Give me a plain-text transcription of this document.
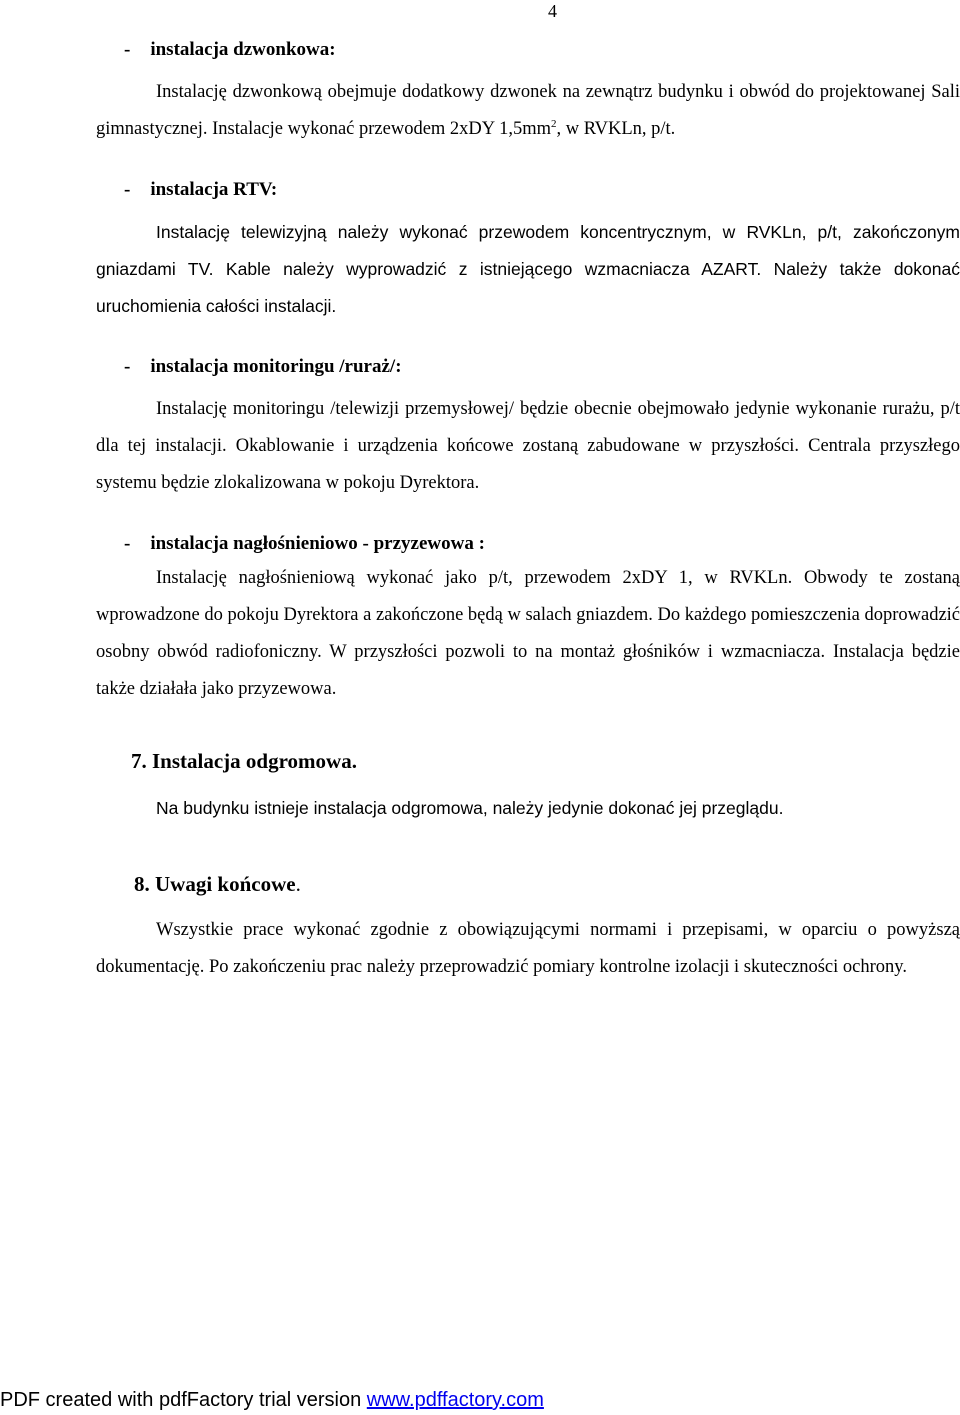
4
- instalacja dzwonkowa:
Instalację dzwonkową obejmuje dodatkowy dzwonek na zewnątrz budynku i obwód do projektowanej Sali gimnastycznej. Instalacje wykonać przewodem 2xDY $1,5mm^2$, w RVKLn, p/t.
- instalacja RTV:
Instalację telewizyjną należy wykonać przewodem koncentrycznym, w RVKLn, p/t, zakończonym gniazdami TV. Kable należy wyprowadzić z istniejącego wzmacniacza AZART. Należy także dokonać uruchomienia całości instalacji.
- instalacja monitoringu /rurаż/:
Instalację monitoringu /telewizji przemysłowej/ będzie obecnie obejmowało jedynie wykonanie rurażu, p/t dla tej instalacji. Okablowanie i urządzenia końcowe zostaną zabudowane w przyszłości. Centrala przyszłego systemu będzie zlokalizowana w pokoju Dyrektora.
- instalacja nagłośnieniowo - przyzewowa :
Instalację nagłośnieniową wykonać jako p/t, przewodem 2xDY 1, w RVKLn. Obwody te zostaną wprowadzone do pokoju Dyrektora a zakończone będą w salach gniazdem. Do każdego pomieszczenia doprowadzić osobny obwód radiofoniczny. W przyszłości pozwoli to na montaż głośników i wzmacniacza. Instalacja będzie także działała jako przyzewowa.
7. Instalacja odgromowa.
Na budynku istnieje instalacja odgromowa, należy jedynie dokonać jej przeglądu.
8. Uwagi końcowe.
Wszystkie prace wykonać zgodnie z obowiązującymi normami i przepisami, w oparciu o powyższą dokumentację. Po zakończeniu prac należy przeprowadzić pomiary kontrolne izolacji i skuteczności ochrony.
PDF created with pdfFactory trial version www.pdffactory.com
